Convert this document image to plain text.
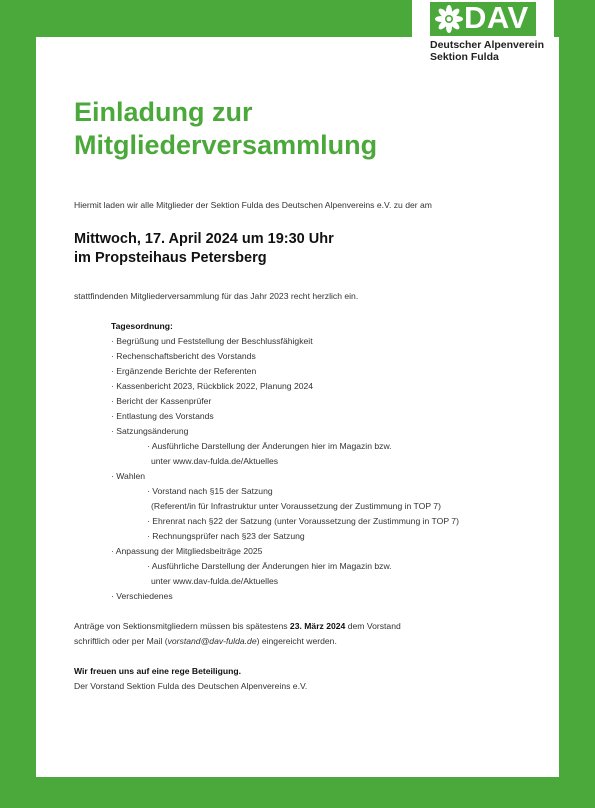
DAV
Deutscher Alpenverein
Sektion Fulda
Einladung zur
Mitgliederversammlung
Hiermit laden wir alle Mitglieder der Sektion Fulda des Deutschen Alpenvereins e.V. zu der am
Mittwoch, 17. April 2024 um 19:30 Uhr
im Propsteihaus Petersberg
stattfindenden Mitgliederversammlung für das Jahr 2023 recht herzlich ein.
Tagesordnung:
· Begrüßung und Feststellung der Beschlussfähigkeit
· Rechenschaftsbericht des Vorstands
· Ergänzende Berichte der Referenten
· Kassenbericht 2023, Rückblick 2022, Planung 2024
· Bericht der Kassenprüfer
· Entlastung des Vorstands
· Satzungsänderung
· Ausführliche Darstellung der Änderungen hier im Magazin bzw.
unter www.dav-fulda.de/Aktuelles
· Wahlen
· Vorstand nach §15 der Satzung
(Referent/in für Infrastruktur unter Voraussetzung der Zustimmung in TOP 7)
· Ehrenrat nach §22 der Satzung (unter Voraussetzung der Zustimmung in TOP 7)
· Rechnungsprüfer nach §23 der Satzung
· Anpassung der Mitgliedsbeiträge 2025
· Ausführliche Darstellung der Änderungen hier im Magazin bzw.
unter www.dav-fulda.de/Aktuelles
· Verschiedenes
Anträge von Sektionsmitgliedern müssen bis spätestens 23. März 2024 dem Vorstand
schriftlich oder per Mail (vorstand@dav-fulda.de) eingereicht werden.
Wir freuen uns auf eine rege Beteiligung.
Der Vorstand Sektion Fulda des Deutschen Alpenvereins e.V.
